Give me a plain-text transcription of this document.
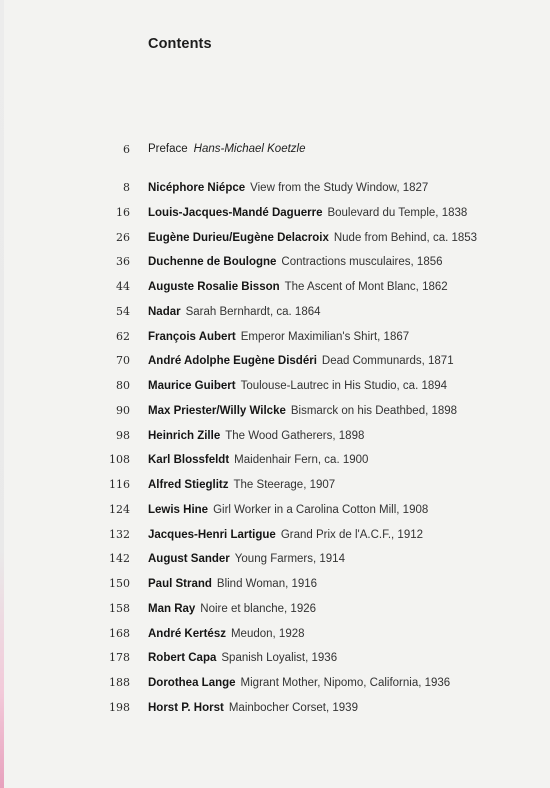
Contents
6 Preface Hans-Michael Koetzle
8 Nicéphore Niépce View from the Study Window, 1827
16 Louis-Jacques-Mandé Daguerre Boulevard du Temple, 1838
26 Eugène Durieu/Eugène Delacroix Nude from Behind, ca. 1853
36 Duchenne de Boulogne Contractions musculaires, 1856
44 Auguste Rosalie Bisson The Ascent of Mont Blanc, 1862
54 Nadar Sarah Bernhardt, ca. 1864
62 François Aubert Emperor Maximilian's Shirt, 1867
70 André Adolphe Eugène Disdéri Dead Communards, 1871
80 Maurice Guibert Toulouse-Lautrec in His Studio, ca. 1894
90 Max Priester/Willy Wilcke Bismarck on his Deathbed, 1898
98 Heinrich Zille The Wood Gatherers, 1898
108 Karl Blossfeldt Maidenhair Fern, ca. 1900
116 Alfred Stieglitz The Steerage, 1907
124 Lewis Hine Girl Worker in a Carolina Cotton Mill, 1908
132 Jacques-Henri Lartigue Grand Prix de l'A.C.F., 1912
142 August Sander Young Farmers, 1914
150 Paul Strand Blind Woman, 1916
158 Man Ray Noire et blanche, 1926
168 André Kertész Meudon, 1928
178 Robert Capa Spanish Loyalist, 1936
188 Dorothea Lange Migrant Mother, Nipomo, California, 1936
198 Horst P. Horst Mainbocher Corset, 1939
